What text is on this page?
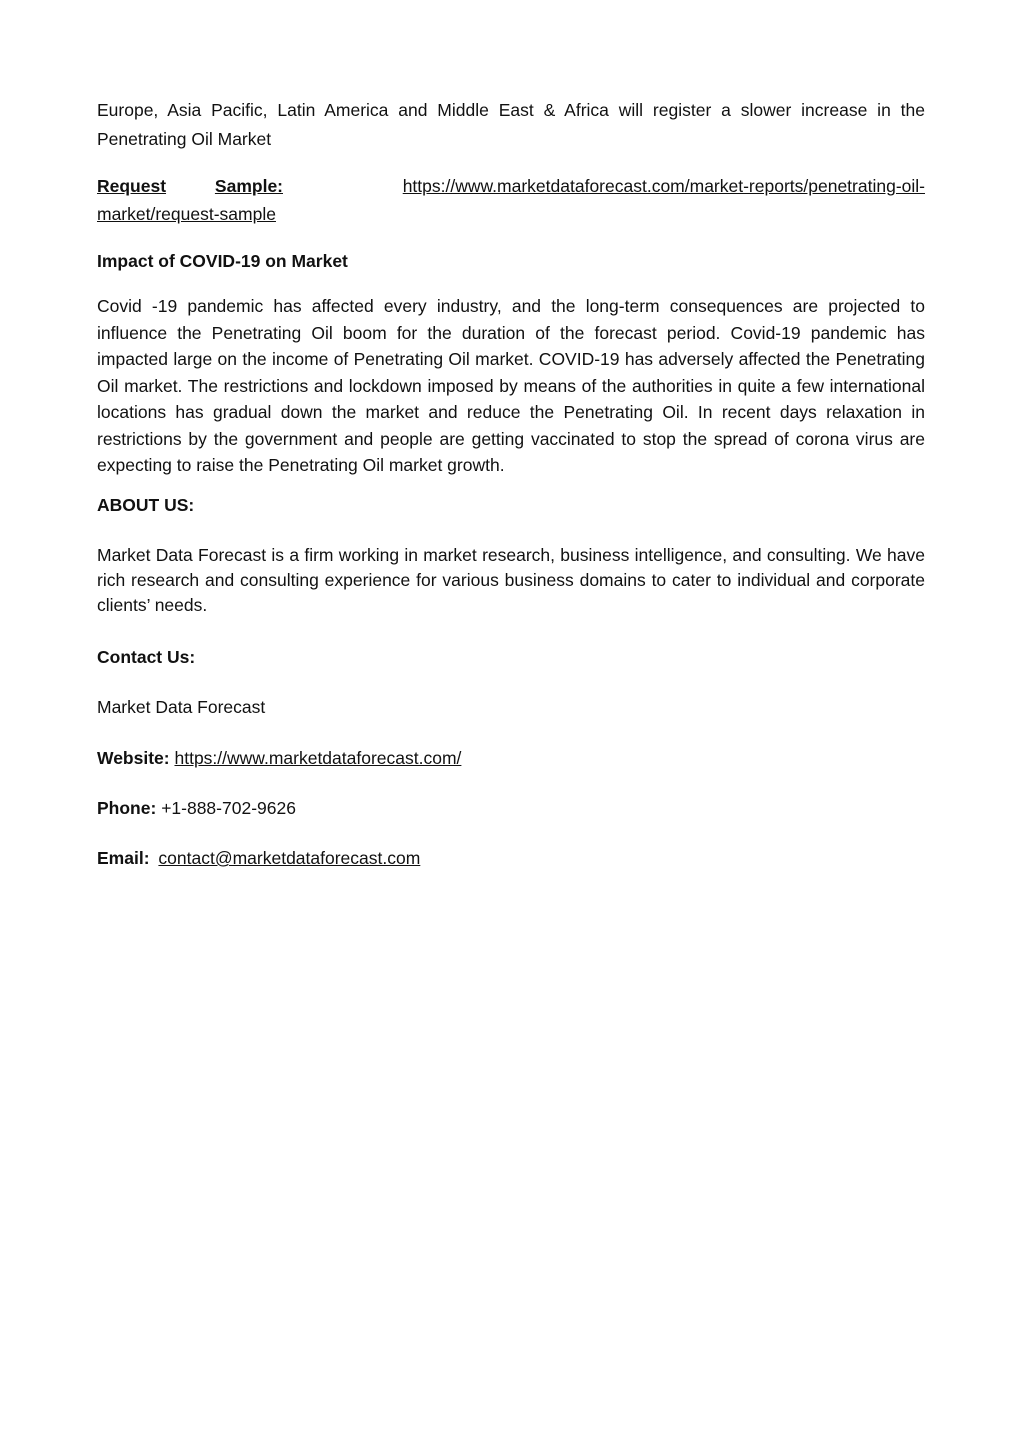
Europe, Asia Pacific, Latin America and Middle East & Africa will register a slower increase in the Penetrating Oil Market

Request	Sample:	https://www.marketdataforecast.com/market-reports/penetrating-oil-
market/request-sample
Impact of COVID-19 on Market

Covid -19 pandemic has affected every industry, and the long-term consequences are projected to influence the Penetrating Oil boom for the duration of the forecast period. Covid-19 pandemic has impacted large on the income of Penetrating Oil market. COVID-19 has adversely affected the Penetrating Oil market. The restrictions and lockdown imposed by means of the authorities in quite a few international locations has gradual down the market and reduce the Penetrating Oil. In recent days relaxation in restrictions by the government and people are getting vaccinated to stop the spread of corona virus are expecting to raise the Penetrating Oil market growth.

ABOUT US:

Market Data Forecast is a firm working in market research, business intelligence, and consulting. We have rich research and consulting experience for various business domains to cater to individual and corporate clients’ needs.

Contact Us:
Market Data Forecast
Website: https://www.marketdataforecast.com/
Phone: +1-888-702-9626
Email: contact@marketdataforecast.com
